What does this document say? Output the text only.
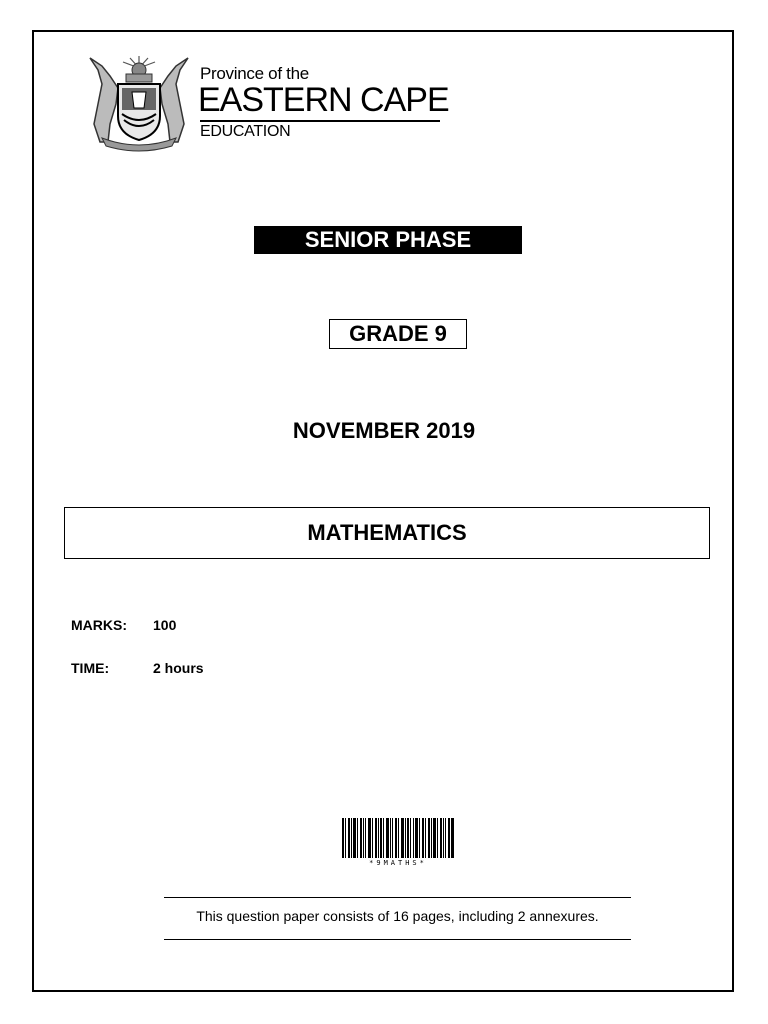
Province of the
EASTERN CAPE
EDUCATION
SENIOR PHASE
GRADE 9
NOVEMBER 2019
MATHEMATICS
MARKS: 100
TIME:	2 hours
*9MATHS*
This question paper consists of 16 pages, including 2 annexures.
